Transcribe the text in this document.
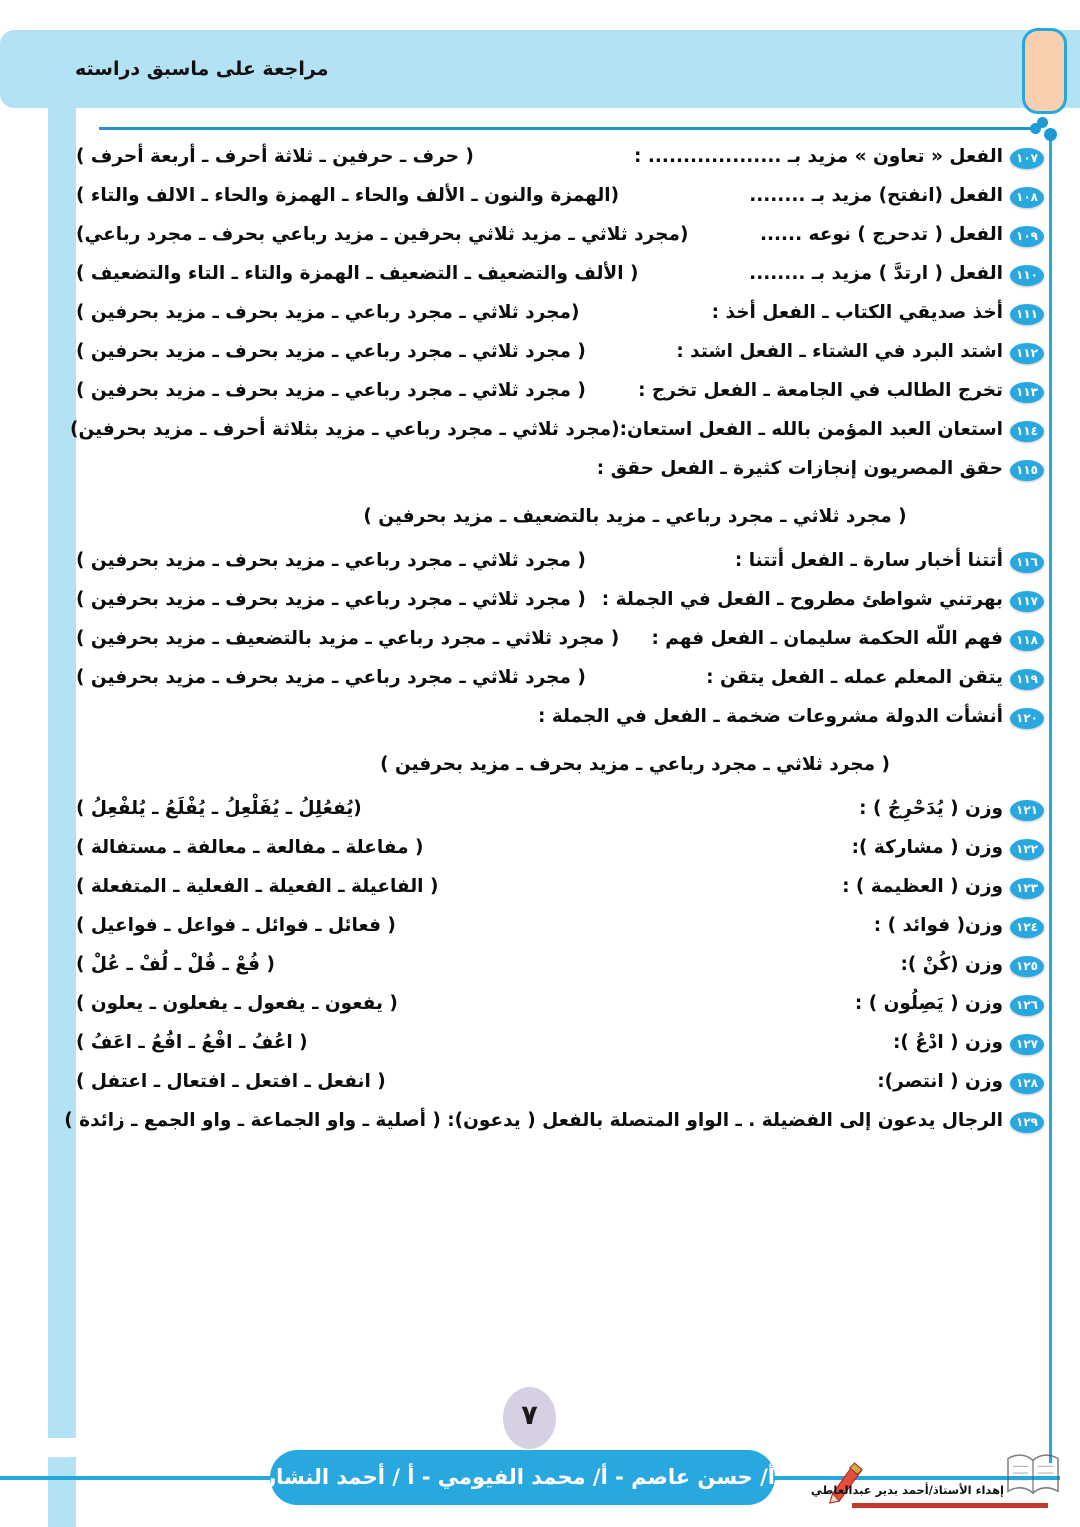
مراجعة على ماسبق دراسته
١٠٧
الفعل « تعاون » مزيد بـ ................... :
( حرف ـ حرفين ـ ثلاثة أحرف ـ أربعة أحرف )
١٠٨
الفعل (انفتح) مزيد بـ ........
(الهمزة والنون ـ الألف والحاء ـ الهمزة والحاء ـ الالف والتاء )
١٠٩
الفعل ( تدحرج ) نوعه ......
(مجرد ثلاثي ـ مزيد ثلاثي بحرفين ـ مزيد رباعي بحرف ـ مجرد رباعي)
١١٠
الفعل ( ارتدَّ ) مزيد بـ ........
( الألف والتضعيف ـ التضعيف ـ الهمزة والتاء ـ التاء والتضعيف )
١١١
أخذ صديقي الكتاب ـ الفعل أخذ :
(مجرد ثلاثي ـ مجرد رباعي ـ مزيد بحرف ـ مزيد بحرفين )
١١٢
اشتد البرد في الشتاء ـ الفعل اشتد :
( مجرد ثلاثي ـ مجرد رباعي ـ مزيد بحرف ـ مزيد بحرفين )
١١٣
تخرج الطالب في الجامعة ـ الفعل تخرج :
( مجرد ثلاثي ـ مجرد رباعي ـ مزيد بحرف ـ مزيد بحرفين )
١١٤
استعان العبد المؤمن بالله ـ الفعل استعان:(مجرد ثلاثي ـ مجرد رباعي ـ مزيد بثلاثة أحرف ـ مزيد بحرفين)
١١٥
حقق المصريون إنجازات كثيرة ـ الفعل حقق :
( مجرد ثلاثي ـ مجرد رباعي ـ مزيد بالتضعيف ـ مزيد بحرفين )
١١٦
أتتنا أخبار سارة ـ الفعل أتتنا :
( مجرد ثلاثي ـ مجرد رباعي ـ مزيد بحرف ـ مزيد بحرفين )
١١٧
بهرتني شواطئ مطروح ـ الفعل في الجملة :
( مجرد ثلاثي ـ مجرد رباعي ـ مزيد بحرف ـ مزيد بحرفين )
١١٨
فهم اللّه الحكمة سليمان ـ الفعل فهم :
( مجرد ثلاثي ـ مجرد رباعي ـ مزيد بالتضعيف ـ مزيد بحرفين )
١١٩
يتقن المعلم عمله ـ الفعل يتقن :
( مجرد ثلاثي ـ مجرد رباعي ـ مزيد بحرف ـ مزيد بحرفين )
١٢٠
أنشأت الدولة مشروعات ضخمة ـ الفعل في الجملة :
( مجرد ثلاثي ـ مجرد رباعي ـ مزيد بحرف ـ مزيد بحرفين )
١٢١
وزن ( يُدَحْرِجُ ) :
(يُفعُلِلُ ـ يُفَلْعِلُ ـ يُفْلَعُ ـ يُلفْعِلُ )
١٢٢
وزن ( مشاركة ):
( مفاعلة ـ مفالعة ـ معالفة ـ مستفالة )
١٢٣
وزن ( العظيمة ) :
( الفاعيلة ـ الفعيلة ـ الفعلية ـ المتفعلة )
١٢٤
وزن( فوائد ) :
( فعائل ـ فوائل ـ فواعل ـ فواعيل )
١٢٥
وزن (كُنْ ):
( فُعْ ـ فُلْ ـ لُفْ ـ عُلْ )
١٢٦
وزن ( يَصِلُون ) :
( يفعون ـ يفعول ـ يفعلون ـ يعلون )
١٢٧
وزن ( ادْعُ ):
( اعُفُ ـ افْعُ ـ افَُعُ ـ اعَفُ )
١٢٨
وزن ( انتصر):
( انفعل ـ افتعل ـ افتعال ـ اعتفل )
١٢٩
الرجال يدعون إلى الفضيلة . ـ الواو المتصلة بالفعل ( يدعون): ( أصلية ـ واو الجماعة ـ واو الجمع ـ زائدة )
٧
أ/ حسن عاصم - أ/ محمد الفيومي - أ / أحمد النشار
إهداء الأستاذ/أحمد بدير عبدالعاطي
